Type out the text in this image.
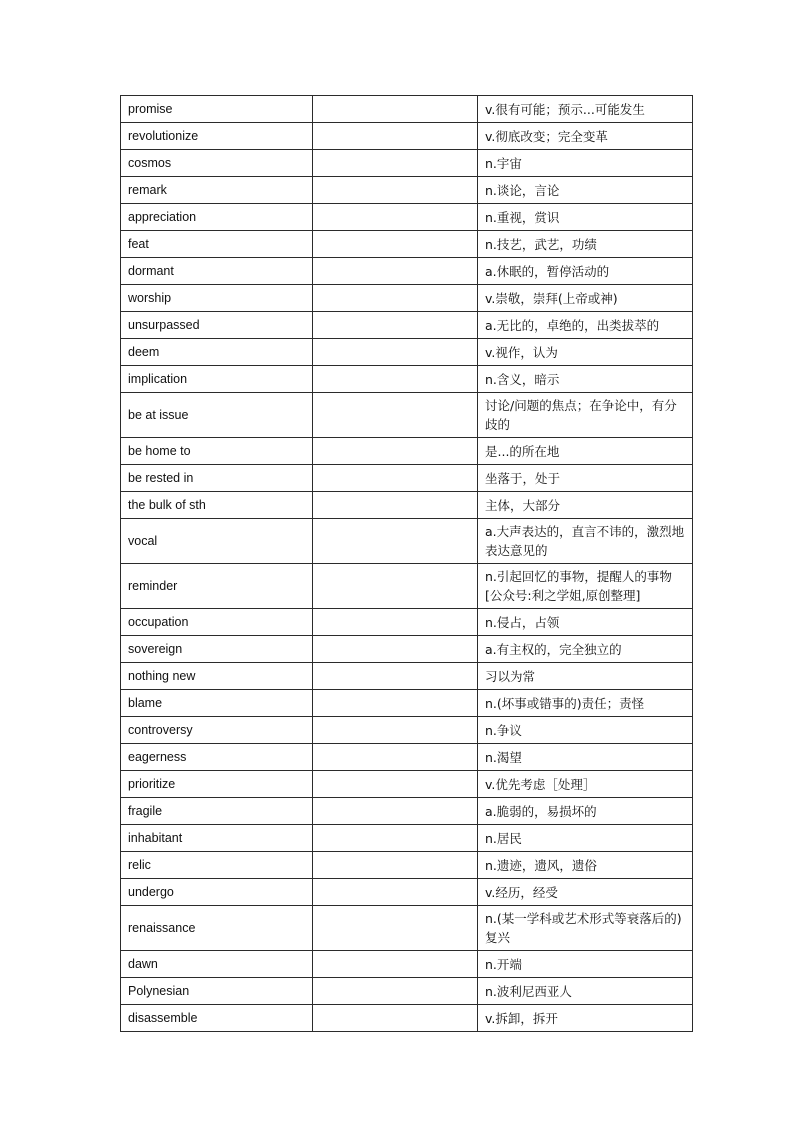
promise		v.很有可能；预示...可能发生
revolutionize		v.彻底改变；完全变革
cosmos		n.宇宙
remark		n.谈论，言论
appreciation		n.重视，赏识
feat		n.技艺，武艺，功绩
dormant		a.休眠的，暂停活动的
worship		v.崇敬，崇拜(上帝或神)
unsurpassed		a.无比的，卓绝的，出类拔萃的
deem		v.视作，认为
implication		n.含义，暗示
be at issue		讨论/问题的焦点；在争论中，有分歧的
be home to		是...的所在地
be rested in		坐落于，处于
the bulk of sth		主体，大部分
vocal		a.大声表达的，直言不讳的，激烈地表达意见的
reminder		n.引起回忆的事物，提醒人的事物[公众号:利之学姐,原创整理]
occupation		n.侵占，占领
sovereign		a.有主权的，完全独立的
nothing new		习以为常
blame		n.(坏事或错事的)责任；责怪
controversy		n.争议
eagerness		n.渴望
prioritize		v.优先考虑［处理］
fragile		a.脆弱的，易损坏的
inhabitant		n.居民
relic		n.遗迹，遗风，遗俗
undergo		v.经历，经受
renaissance		n.(某一学科或艺术形式等衰落后的)复兴
dawn		n.开端
Polynesian		n.波利尼西亚人
disassemble		v.拆卸，拆开
